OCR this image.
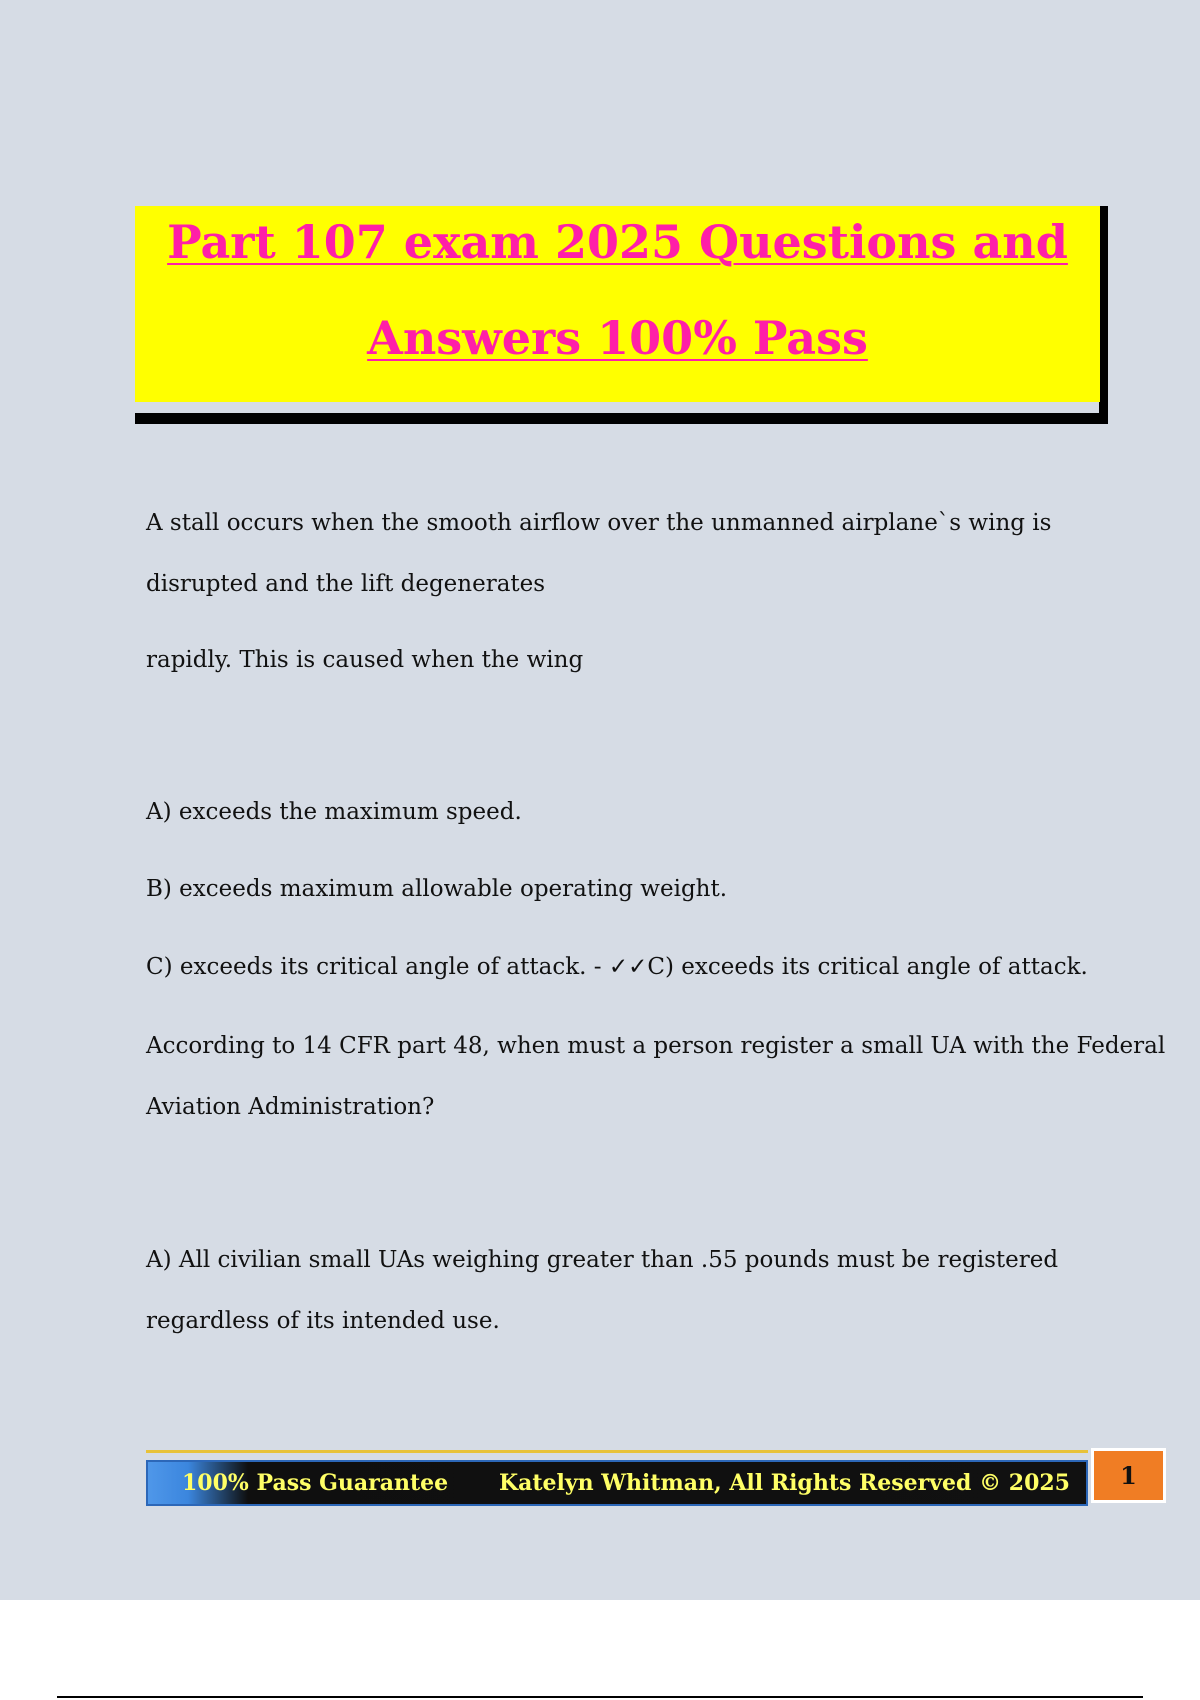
Part 107 exam 2025 Questions and
Answers 100% Pass
A stall occurs when the smooth airflow over the unmanned airplane`s wing is
disrupted and the lift degenerates
rapidly. This is caused when the wing
A) exceeds the maximum speed.
B) exceeds maximum allowable operating weight.
C) exceeds its critical angle of attack. - ✓✓C) exceeds its critical angle of attack.
According to 14 CFR part 48, when must a person register a small UA with the Federal
Aviation Administration?
A) All civilian small UAs weighing greater than .55 pounds must be registered
regardless of its intended use.
100% Pass Guarantee Katelyn Whitman, All Rights Reserved © 2025	1
